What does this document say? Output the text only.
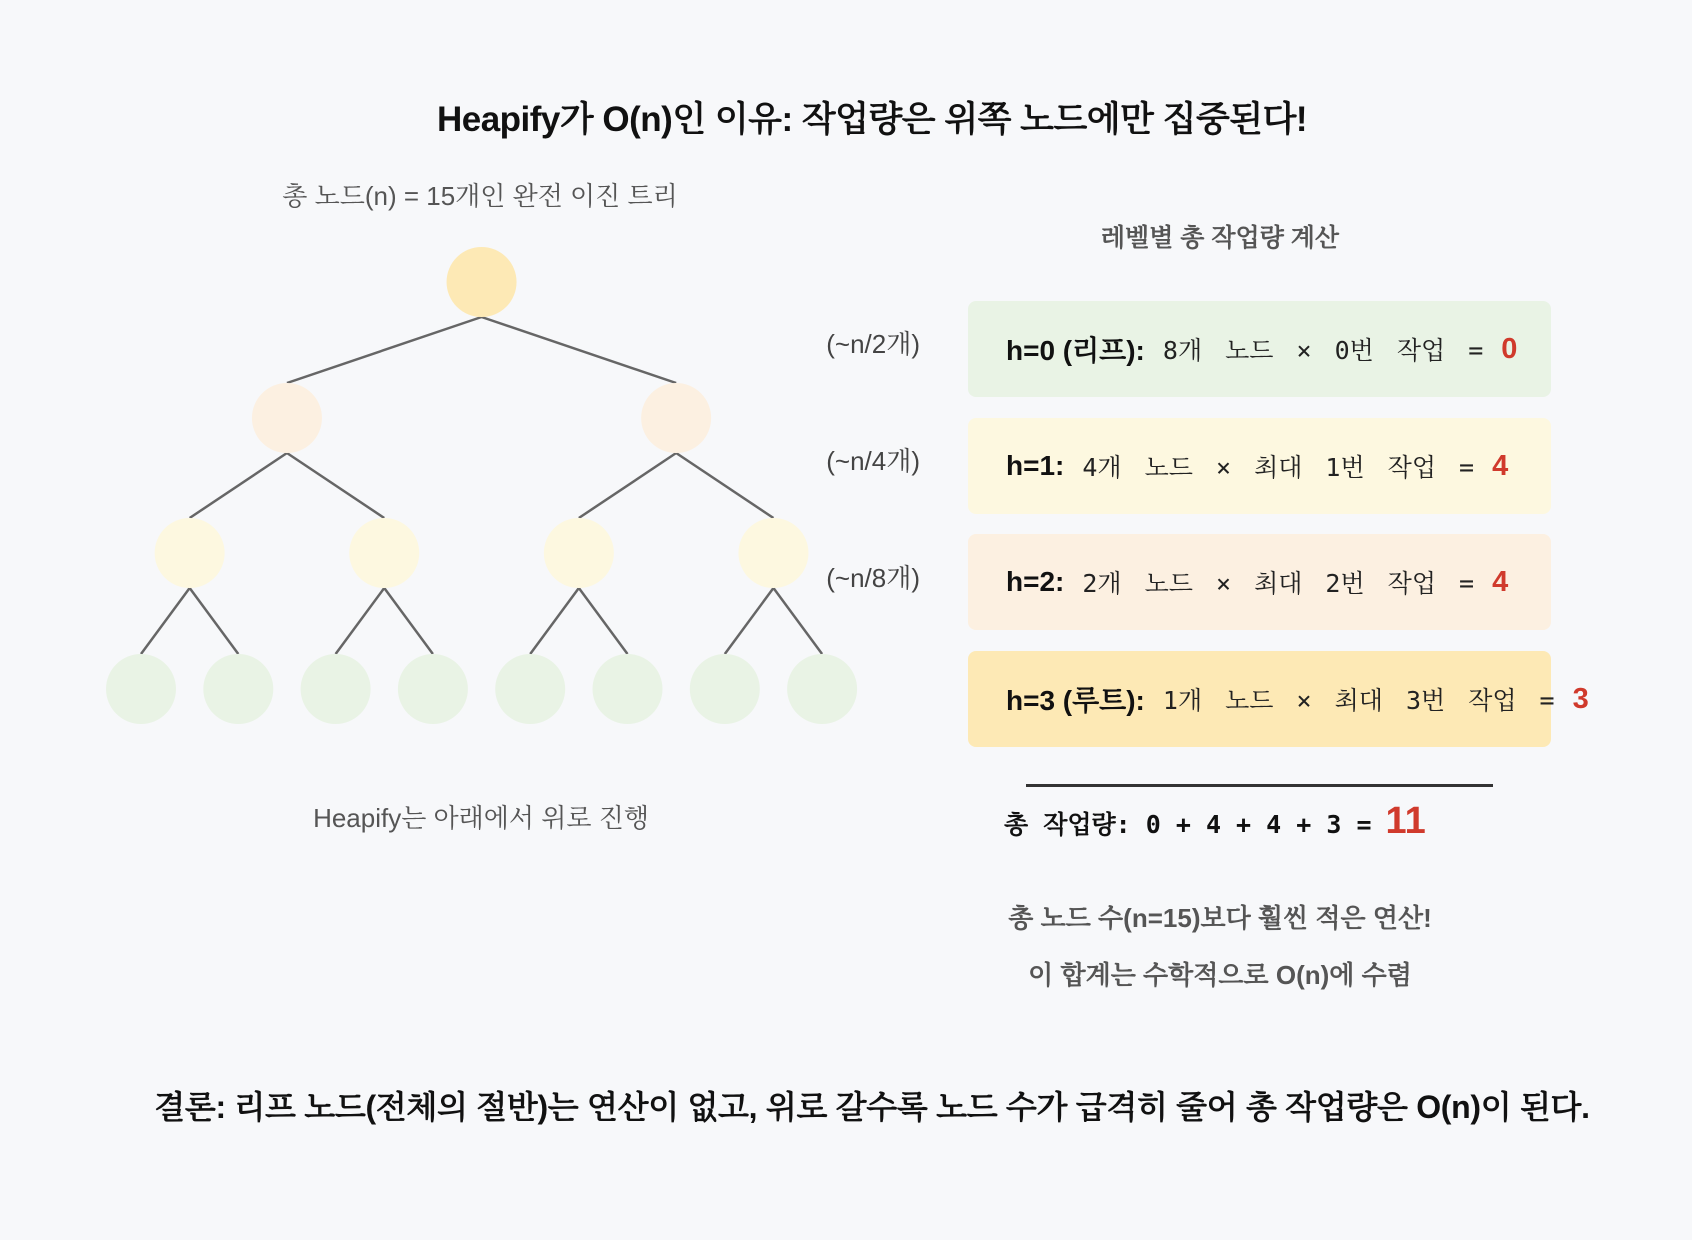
Heapify가 O(n)인 이유: 작업량은 위쪽 노드에만 집중된다!
총 노드(n) = 15개인 완전 이진 트리
Heapify는 아래에서 위로 진행
(~n/2개)
(~n/4개)
(~n/8개)
레벨별 총 작업량 계산
h=0 (리프): 8개 노드 × 0번 작업 = 0
h=1: 4개 노드 × 최대 1번 작업 = 4
h=2: 2개 노드 × 최대 2번 작업 = 4
h=3 (루트): 1개 노드 × 최대 3번 작업 = 3
총 작업량: 0 + 4 + 4 + 3 = 11
총 노드 수(n=15)보다 훨씬 적은 연산!
이 합계는 수학적으로 O(n)에 수렴
결론: 리프 노드(전체의 절반)는 연산이 없고, 위로 갈수록 노드 수가 급격히 줄어 총 작업량은 O(n)이 된다.
